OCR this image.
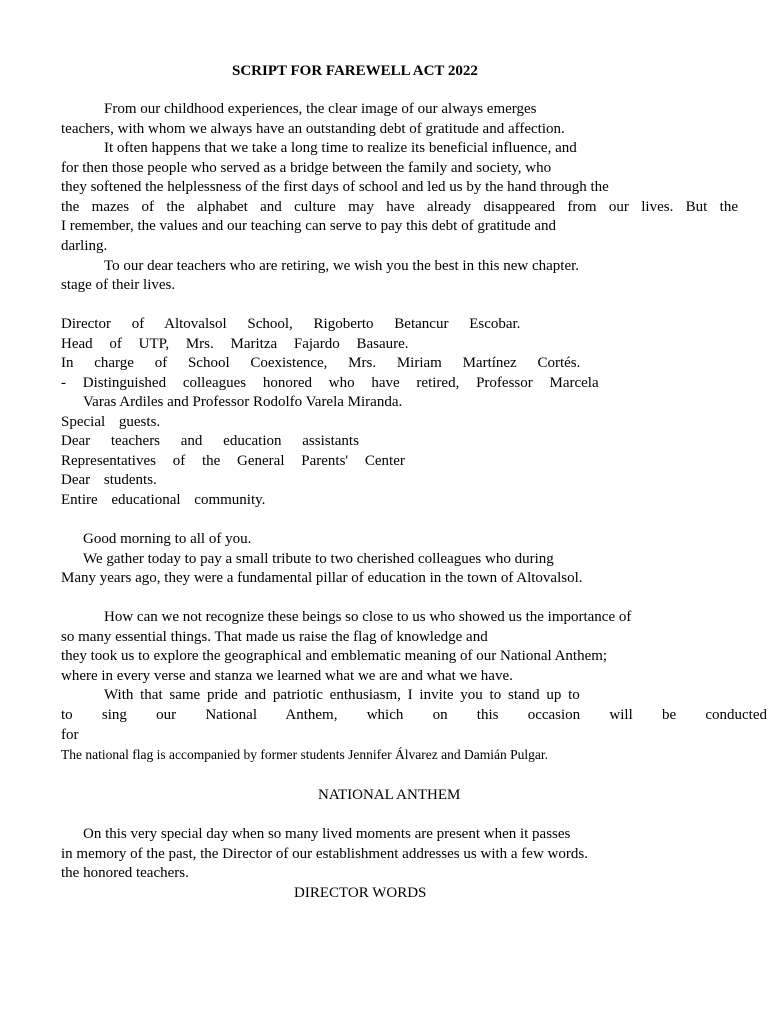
SCRIPT FOR FAREWELL ACT 2022
From our childhood experiences, the clear image of our always emerges
teachers, with whom we always have an outstanding debt of gratitude and affection.
It often happens that we take a long time to realize its beneficial influence, and
for then those people who served as a bridge between the family and society, who
they softened the helplessness of the first days of school and led us by the hand through the
the mazes of the alphabet and culture may have already disappeared from our lives. But the
I remember, the values and our teaching can serve to pay this debt of gratitude and
darling.
To our dear teachers who are retiring, we wish you the best in this new chapter.
stage of their lives.
Director of Altovalsol School, Rigoberto Betancur Escobar.
Head of UTP, Mrs. Maritza Fajardo Basaure.
In charge of School Coexistence, Mrs. Miriam Martínez Cortés.
- Distinguished colleagues honored who have retired, Professor Marcela
Varas Ardiles and Professor Rodolfo Varela Miranda.
Special guests.
Dear teachers and education assistants
Representatives of the General Parents' Center
Dear students.
Entire educational community.
Good morning to all of you.
We gather today to pay a small tribute to two cherished colleagues who during
Many years ago, they were a fundamental pillar of education in the town of Altovalsol.
How can we not recognize these beings so close to us who showed us the importance of
so many essential things. That made us raise the flag of knowledge and
they took us to explore the geographical and emblematic meaning of our National Anthem;
where in every verse and stanza we learned what we are and what we have.
With that same pride and patriotic enthusiasm, I invite you to stand up to
to sing our National Anthem, which on this occasion will be conducted
for
The national flag is accompanied by former students Jennifer Álvarez and Damián Pulgar.
NATIONAL ANTHEM
On this very special day when so many lived moments are present when it passes
in memory of the past, the Director of our establishment addresses us with a few words.
the honored teachers.
DIRECTOR WORDS
